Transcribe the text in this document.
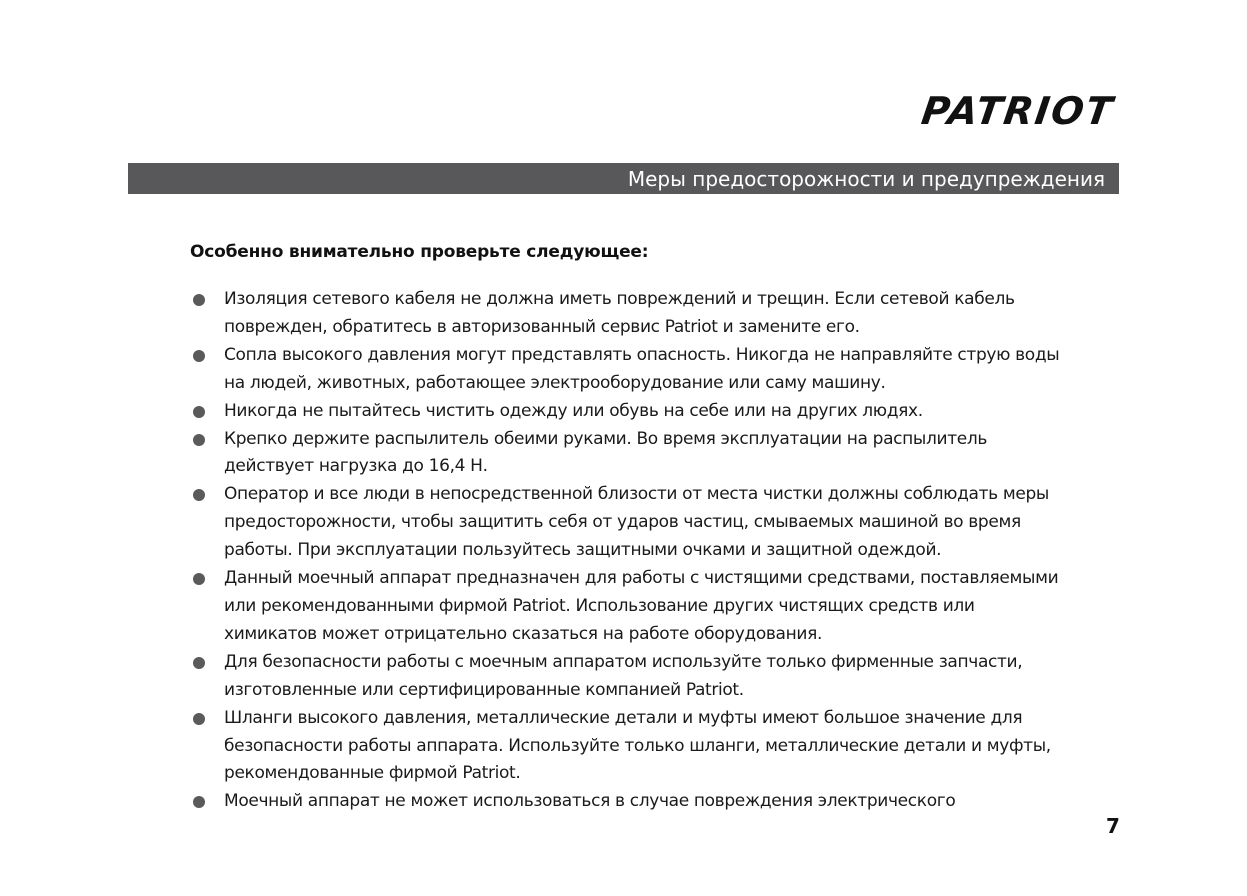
PATRIOT
Меры предосторожности и предупреждения
Особенно внимательно проверьте следующее:
Изоляция сетевого кабеля не должна иметь повреждений и трещин. Если сетевой кабель поврежден, обратитесь в авторизованный сервис Patriot и замените его.
Сопла высокого давления могут представлять опасность. Никогда не направляйте струю воды на людей, животных, работающее электрооборудование или саму машину.
Никогда не пытайтесь чистить одежду или обувь на себе или на других людях.
Крепко держите распылитель обеими руками. Во время эксплуатации на распылитель действует нагрузка до 16,4 Н.
Оператор и все люди в непосредственной близости от места чистки должны соблюдать меры предосторожности, чтобы защитить себя от ударов частиц, смываемых машиной во время работы. При эксплуатации пользуйтесь защитными очками и защитной одеждой.
Данный моечный аппарат предназначен для работы с чистящими средствами, поставляемыми или рекомендованными фирмой Patriot. Использование других чистящих средств или химикатов может отрицательно сказаться на работе оборудования.
Для безопасности работы с моечным аппаратом используйте только фирменные запчасти, изготовленные или сертифицированные компанией Patriot.
Шланги высокого давления, металлические детали и муфты имеют большое значение для безопасности работы аппарата. Используйте только шланги, металлические детали и муфты, рекомендованные фирмой Patriot.
Моечный аппарат не может использоваться в случае повреждения электрического
7
